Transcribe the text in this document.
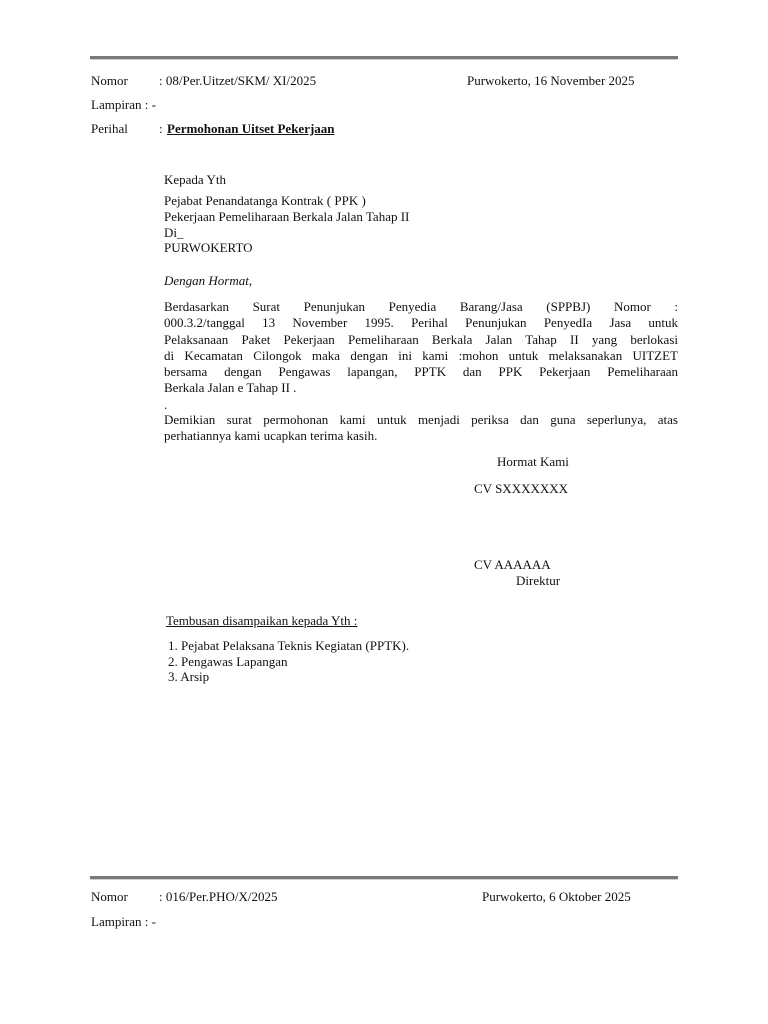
Nomor : 08/Per.Uitzet/SKM/ XI/2025	Purwokerto, 16 November 2025
Lampiran : -
Perihal : Permohonan Uitset Pekerjaan
Kepada Yth
Pejabat Penandatanga Kontrak ( PPK )
Pekerjaan Pemeliharaan Berkala Jalan Tahap II
Di_
PURWOKERTO
Dengan Hormat,
Berdasarkan Surat Penunjukan Penyedia Barang/Jasa (SPPBJ) Nomor :
000.3.2/tanggal 13 November 1995. Perihal Penunjukan PenyedIa Jasa untuk
Pelaksanaan Paket Pekerjaan Pemeliharaan Berkala Jalan Tahap II yang berlokasi
di Kecamatan Cilongok maka dengan ini kami :mohon untuk melaksanakan UITZET
bersama dengan Pengawas lapangan, PPTK dan PPK Pekerjaan Pemeliharaan
Berkala Jalan e Tahap II .
.
Demikian surat permohonan kami untuk menjadi periksa dan guna seperlunya, atas
perhatiannya kami ucapkan terima kasih.
Hormat Kami
CV SXXXXXXX
CV AAAAAA
Direktur
Tembusan disampaikan kepada Yth :
1. Pejabat Pelaksana Teknis Kegiatan (PPTK).
2. Pengawas Lapangan
3. Arsip
Nomor : 016/Per.PHO/X/2025	Purwokerto, 6 Oktober 2025
Lampiran : -
